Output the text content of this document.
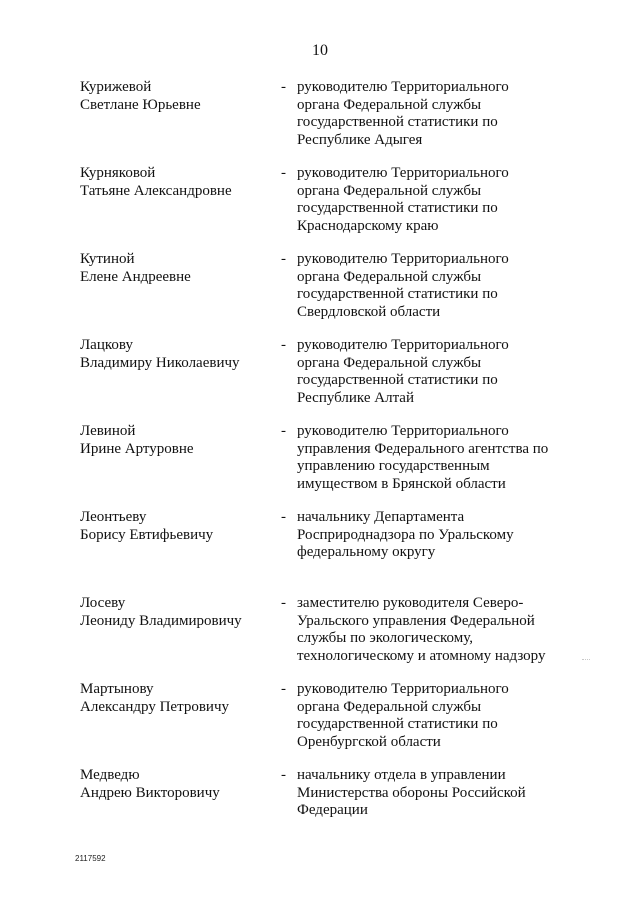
10
Курижевой
Светлане Юрьевне
- руководителю Территориального
органа Федеральной службы
государственной статистики по
Республике Адыгея
Курняковой
Татьяне Александровне
- руководителю Территориального
органа Федеральной службы
государственной статистики по
Краснодарскому краю
Кутиной
Елене Андреевне
- руководителю Территориального
органа Федеральной службы
государственной статистики по
Свердловской области
Лацкову
Владимиру Николаевичу
- руководителю Территориального
органа Федеральной службы
государственной статистики по
Республике Алтай
Левиной
Ирине Артуровне
- руководителю Территориального
управления Федерального агентства по
управлению государственным
имуществом в Брянской области
Леонтьеву
Борису Евтифьевичу
- начальнику Департамента
Росприроднадзора по Уральскому
федеральному округу
Лосеву
Леониду Владимировичу
- заместителю руководителя Северо-
Уральского управления Федеральной
службы по экологическому,
технологическому и атомному надзору
Мартынову
Александру Петровичу
- руководителю Территориального
органа Федеральной службы
государственной статистики по
Оренбургской области
Медведю
Андрею Викторовичу
- начальнику отдела в управлении
Министерства обороны Российской
Федерации
2117592
